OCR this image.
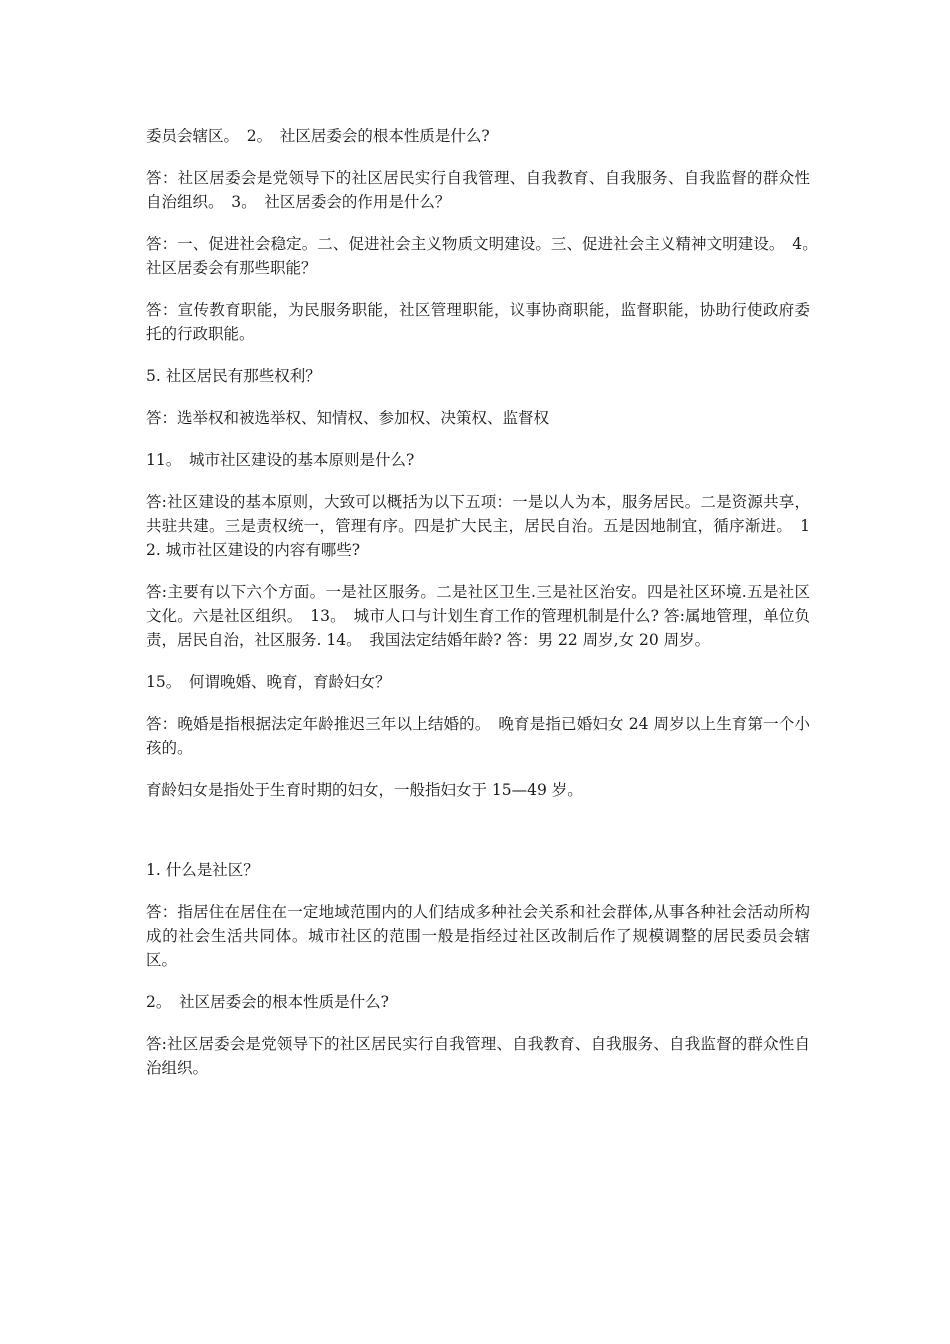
委员会辖区。　2。　社区居委会的根本性质是什么?

答：社区居委会是党领导下的社区居民实行自我管理、自我教育、自我服务、自我监督的群众性自治组织。　3。　社区居委会的作用是什么？

答：一、促进社会稳定。二、促进社会主义物质文明建设。三、促进社会主义精神文明建设。　4。　社区居委会有那些职能？

答：宣传教育职能，为民服务职能，社区管理职能，议事协商职能，监督职能，协助行使政府委托的行政职能。

5. 社区居民有那些权利？

答：选举权和被选举权、知情权、参加权、决策权、监督权

11。　城市社区建设的基本原则是什么?

答:社区建设的基本原则，大致可以概括为以下五项：一是以人为本，服务居民。二是资源共享，共驻共建。三是责权统一，管理有序。四是扩大民主，居民自治。五是因地制宜，循序渐进。　12. 城市社区建设的内容有哪些?

答:主要有以下六个方面。一是社区服务。二是社区卫生.三是社区治安。四是社区环境.五是社区文化。六是社区组织。　13。　城市人口与计划生育工作的管理机制是什么? 答:属地管理，单位负责，居民自治，社区服务. 14。　我国法定结婚年龄? 答：男 22 周岁,女 20 周岁。

15。　何谓晚婚、晚育，育龄妇女？

答：晚婚是指根据法定年龄推迟三年以上结婚的。　晚育是指已婚妇女 24 周岁以上生育第一个小孩的。

育龄妇女是指处于生育时期的妇女，一般指妇女于 15—49 岁。

1. 什么是社区？

答：指居住在居住在一定地域范围内的人们结成多种社会关系和社会群体,从事各种社会活动所构成的社会生活共同体。城市社区的范围一般是指经过社区改制后作了规模调整的居民委员会辖区。

2。　社区居委会的根本性质是什么?

答:社区居委会是党领导下的社区居民实行自我管理、自我教育、自我服务、自我监督的群众性自治组织。
